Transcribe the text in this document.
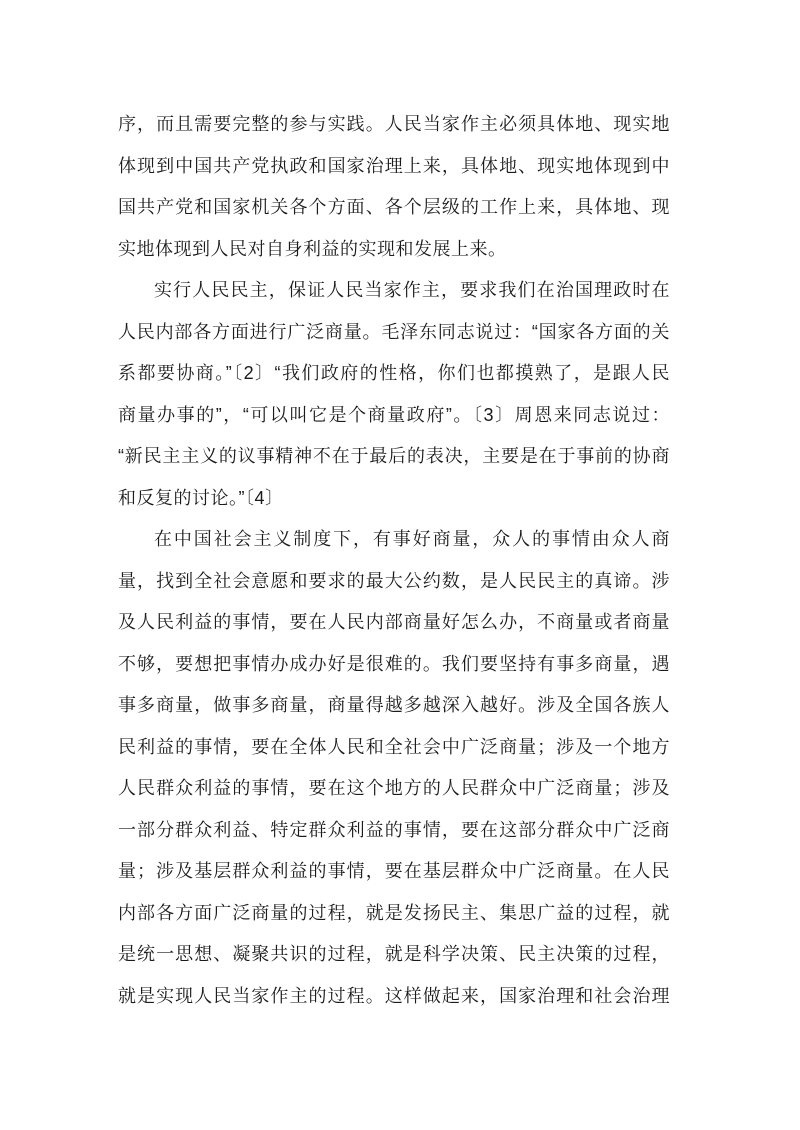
序，而且需要完整的参与实践。人民当家作主必须具体地、现实地
体现到中国共产党执政和国家治理上来，具体地、现实地体现到中
国共产党和国家机关各个方面、各个层级的工作上来，具体地、现
实地体现到人民对自身利益的实现和发展上来。
实行人民民主，保证人民当家作主，要求我们在治国理政时在
人民内部各方面进行广泛商量。毛泽东同志说过：“国家各方面的关
系都要协商。”〔2〕“我们政府的性格，你们也都摸熟了，是跟人民
商量办事的”，“可以叫它是个商量政府”。〔3〕周恩来同志说过：
“新民主主义的议事精神不在于最后的表决，主要是在于事前的协商
和反复的讨论。”〔4〕
在中国社会主义制度下，有事好商量，众人的事情由众人商
量，找到全社会意愿和要求的最大公约数，是人民民主的真谛。涉
及人民利益的事情，要在人民内部商量好怎么办，不商量或者商量
不够，要想把事情办成办好是很难的。我们要坚持有事多商量，遇
事多商量，做事多商量，商量得越多越深入越好。涉及全国各族人
民利益的事情，要在全体人民和全社会中广泛商量；涉及一个地方
人民群众利益的事情，要在这个地方的人民群众中广泛商量；涉及
一部分群众利益、特定群众利益的事情，要在这部分群众中广泛商
量；涉及基层群众利益的事情，要在基层群众中广泛商量。在人民
内部各方面广泛商量的过程，就是发扬民主、集思广益的过程，就
是统一思想、凝聚共识的过程，就是科学决策、民主决策的过程，
就是实现人民当家作主的过程。这样做起来，国家治理和社会治理
